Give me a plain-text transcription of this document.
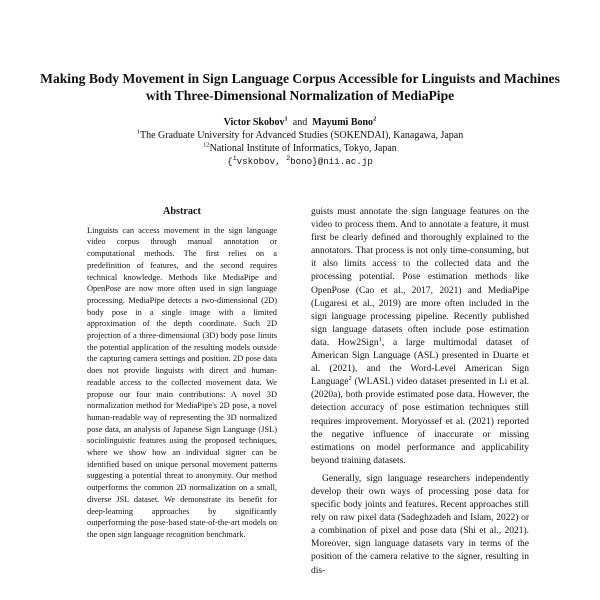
Making Body Movement in Sign Language Corpus Accessible for Linguists and Machines with Three-Dimensional Normalization of MediaPipe
Victor Skobov$^1$ and Mayumi Bono$^2$
$^1$The Graduate University for Advanced Studies (SOKENDAI), Kanagawa, Japan
$^{12}$National Institute of Informatics, Tokyo, Japan
{$^1$vskobov, $^2$bono}@nii.ac.jp
Abstract
Linguists can access movement in the sign language video corpus through manual annotation or computational methods. The first relies on a predefinition of features, and the second requires technical knowledge. Methods like MediaPipe and OpenPose are now more often used in sign language processing. MediaPipe detects a two-dimensional (2D) body pose in a single image with a limited approximation of the depth coordinate. Such 2D projection of a three-dimensional (3D) body pose limits the potential application of the resulting models outside the capturing camera settings and position. 2D pose data does not provide linguists with direct and human-readable access to the collected movement data. We propose our four main contributions: A novel 3D normalization method for MediaPipe's 2D pose, a novel human-readable way of representing the 3D normalized pose data, an analysis of Japanese Sign Language (JSL) sociolinguistic features using the proposed techniques, where we show how an individual signer can be identified based on unique personal movement patterns suggesting a potential threat to anonymity. Our method outperforms the common 2D normalization on a small, diverse JSL dataset. We demonstrate its benefit for deep-learning approaches by significantly outperforming the pose-based state-of-the-art models on the open sign language recognition benchmark.

guists must annotate the sign language features on the video to process them. And to annotate a feature, it must first be clearly defined and thoroughly explained to the annotators. That process is not only time-consuming, but it also limits access to the collected data and the processing potential. Pose estimation methods like OpenPose (Cao et al., 2017, 2021) and MediaPipe (Lugaresi et al., 2019) are more often included in the sign language processing pipeline. Recently published sign language datasets often include pose estimation data. How2Sign$^1$, a large multimodal dataset of American Sign Language (ASL) presented in Duarte et al. (2021), and the Word-Level American Sign Language$^2$ (WLASL) video dataset presented in Li et al. (2020a), both provide estimated pose data. However, the detection accuracy of pose estimation techniques still requires improvement. Moryossef et al. (2021) reported the negative influence of inaccurate or missing estimations on model performance and applicability beyond training datasets.

Generally, sign language researchers independently develop their own ways of processing pose data for specific body joints and features. Recent approaches still rely on raw pixel data (Sadeghzadeh and Islam, 2022) or a combination of pixel and pose data (Shi et al., 2021). Moreover, sign language datasets vary in terms of the position of the camera relative to the signer, resulting in dis-
